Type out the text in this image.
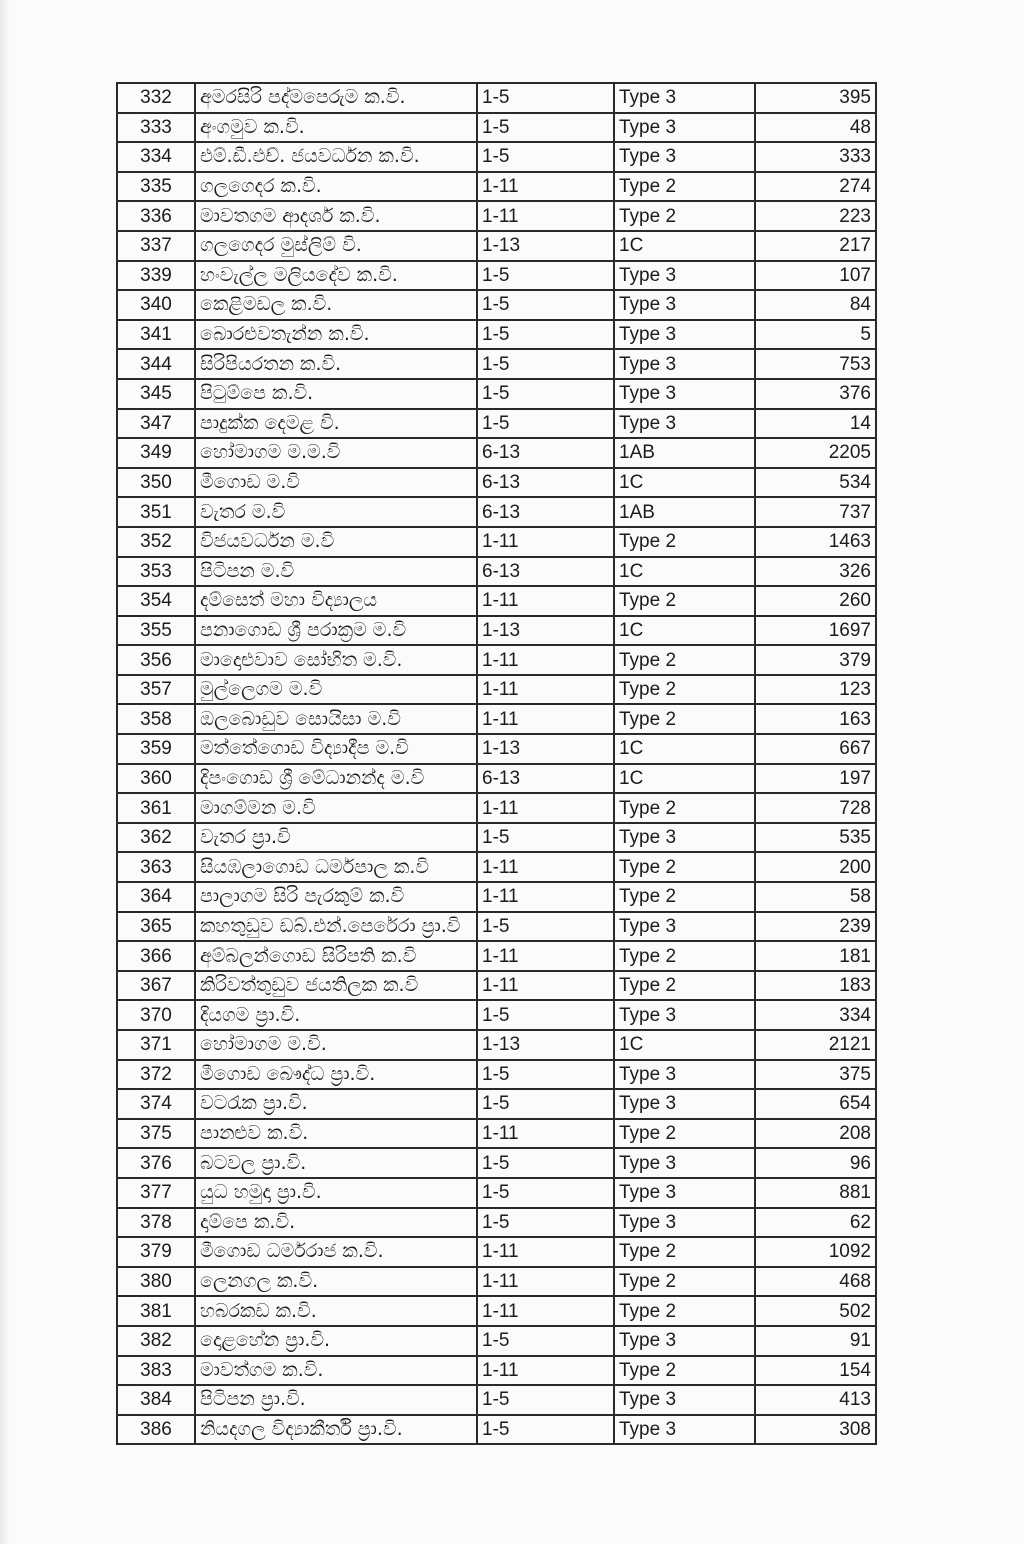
332	අමරසිරි පද්මපෙරුම ක.වි.	1-5	Type 3	395
333	අංගමුව ක.වි.	1-5	Type 3	48
334	එම්.ඩී.එච්. ජයවර්ධන ක.වි.	1-5	Type 3	333
335	ගලගෙදර ක.වි.	1-11	Type 2	274
336	මාවතගම ආදර්ශ ක.වි.	1-11	Type 2	223
337	ගලගෙදර මුස්ලිම් වි.	1-13	1C	217
339	හංවැල්ල මලියදේව ක.වි.	1-5	Type 3	107
340	කෙළිමඩල ක.වි.	1-5	Type 3	84
341	බොරළුවතැන්න ක.වි.	1-5	Type 3	5
344	සිරිපියරතන ක.වි.	1-5	Type 3	753
345	පිටුම්පෙ ක.වි.	1-5	Type 3	376
347	පාදුක්ක දෙමළ වි.	1-5	Type 3	14
349	හෝමාගම ම.ම.වි	6-13	1AB	2205
350	මීගොඩ ම.වි	6-13	1C	534
351	වැතර ම.වි	6-13	1AB	737
352	විජයවර්ධන ම.වි	1-11	Type 2	1463
353	පිටිපන ම.වි	6-13	1C	326
354	දම්සෙත් මහා විද්‍යාලය	1-11	Type 2	260
355	පනාගොඩ ශ්‍රී පරාක්‍රම ම.වි	1-13	1C	1697
356	මාදොළුවාව සෝභිත ම.වි.	1-11	Type 2	379
357	මුල්ලෙගම ම.වි	1-11	Type 2	123
358	ඔලබොඩුව සොයිසා ම.වි	1-11	Type 2	163
359	මත්තේගොඩ විද්‍යාදීප ම.වි	1-13	1C	667
360	දිපංගොඩ ශ්‍රී මේධානන්ද ම.වි	6-13	1C	197
361	මාගම්මන ම.වි	1-11	Type 2	728
362	වැතර ප්‍රා.වි	1-5	Type 3	535
363	සියඹලාගොඩ ධර්මපාල ක.වි	1-11	Type 2	200
364	පාලාගම සිරි පැරකුම් ක.වි	1-11	Type 2	58
365	කහතුඩුව ඩබ්.එන්.පෙරේරා ප්‍රා.වි	1-5	Type 3	239
366	අම්බලන්ගොඩ සිරිපති ක.වි	1-11	Type 2	181
367	කිරිවත්තුඩුව ජයතිලක ක.වි	1-11	Type 2	183
370	දියගම ප්‍රා.වි.	1-5	Type 3	334
371	හෝමාගම ම.වි.	1-13	1C	2121
372	මීගොඩ බෞද්ධ ප්‍රා.වි.	1-5	Type 3	375
374	වටරැක ප්‍රා.වි.	1-5	Type 3	654
375	පානළුව ක.වි.	1-11	Type 2	208
376	බටවල ප්‍රා.වි.	1-5	Type 3	96
377	යුධ හමුදා ප්‍රා.වි.	1-5	Type 3	881
378	දාම්පෙ ක.වි.	1-5	Type 3	62
379	මීගොඩ ධර්මරාජ ක.වි.	1-11	Type 2	1092
380	ලෙනගල ක.වි.	1-11	Type 2	468
381	හබරකඩ ක.වි.	1-11	Type 2	502
382	දොළහේන ප්‍රා.වි.	1-5	Type 3	91
383	මාවත්ගම ක.වි.	1-11	Type 2	154
384	පිටිපන ප්‍රා.වි.	1-5	Type 3	413
386	නියදගල විද්‍යාකීර්ති ප්‍රා.වි.	1-5	Type 3	308
